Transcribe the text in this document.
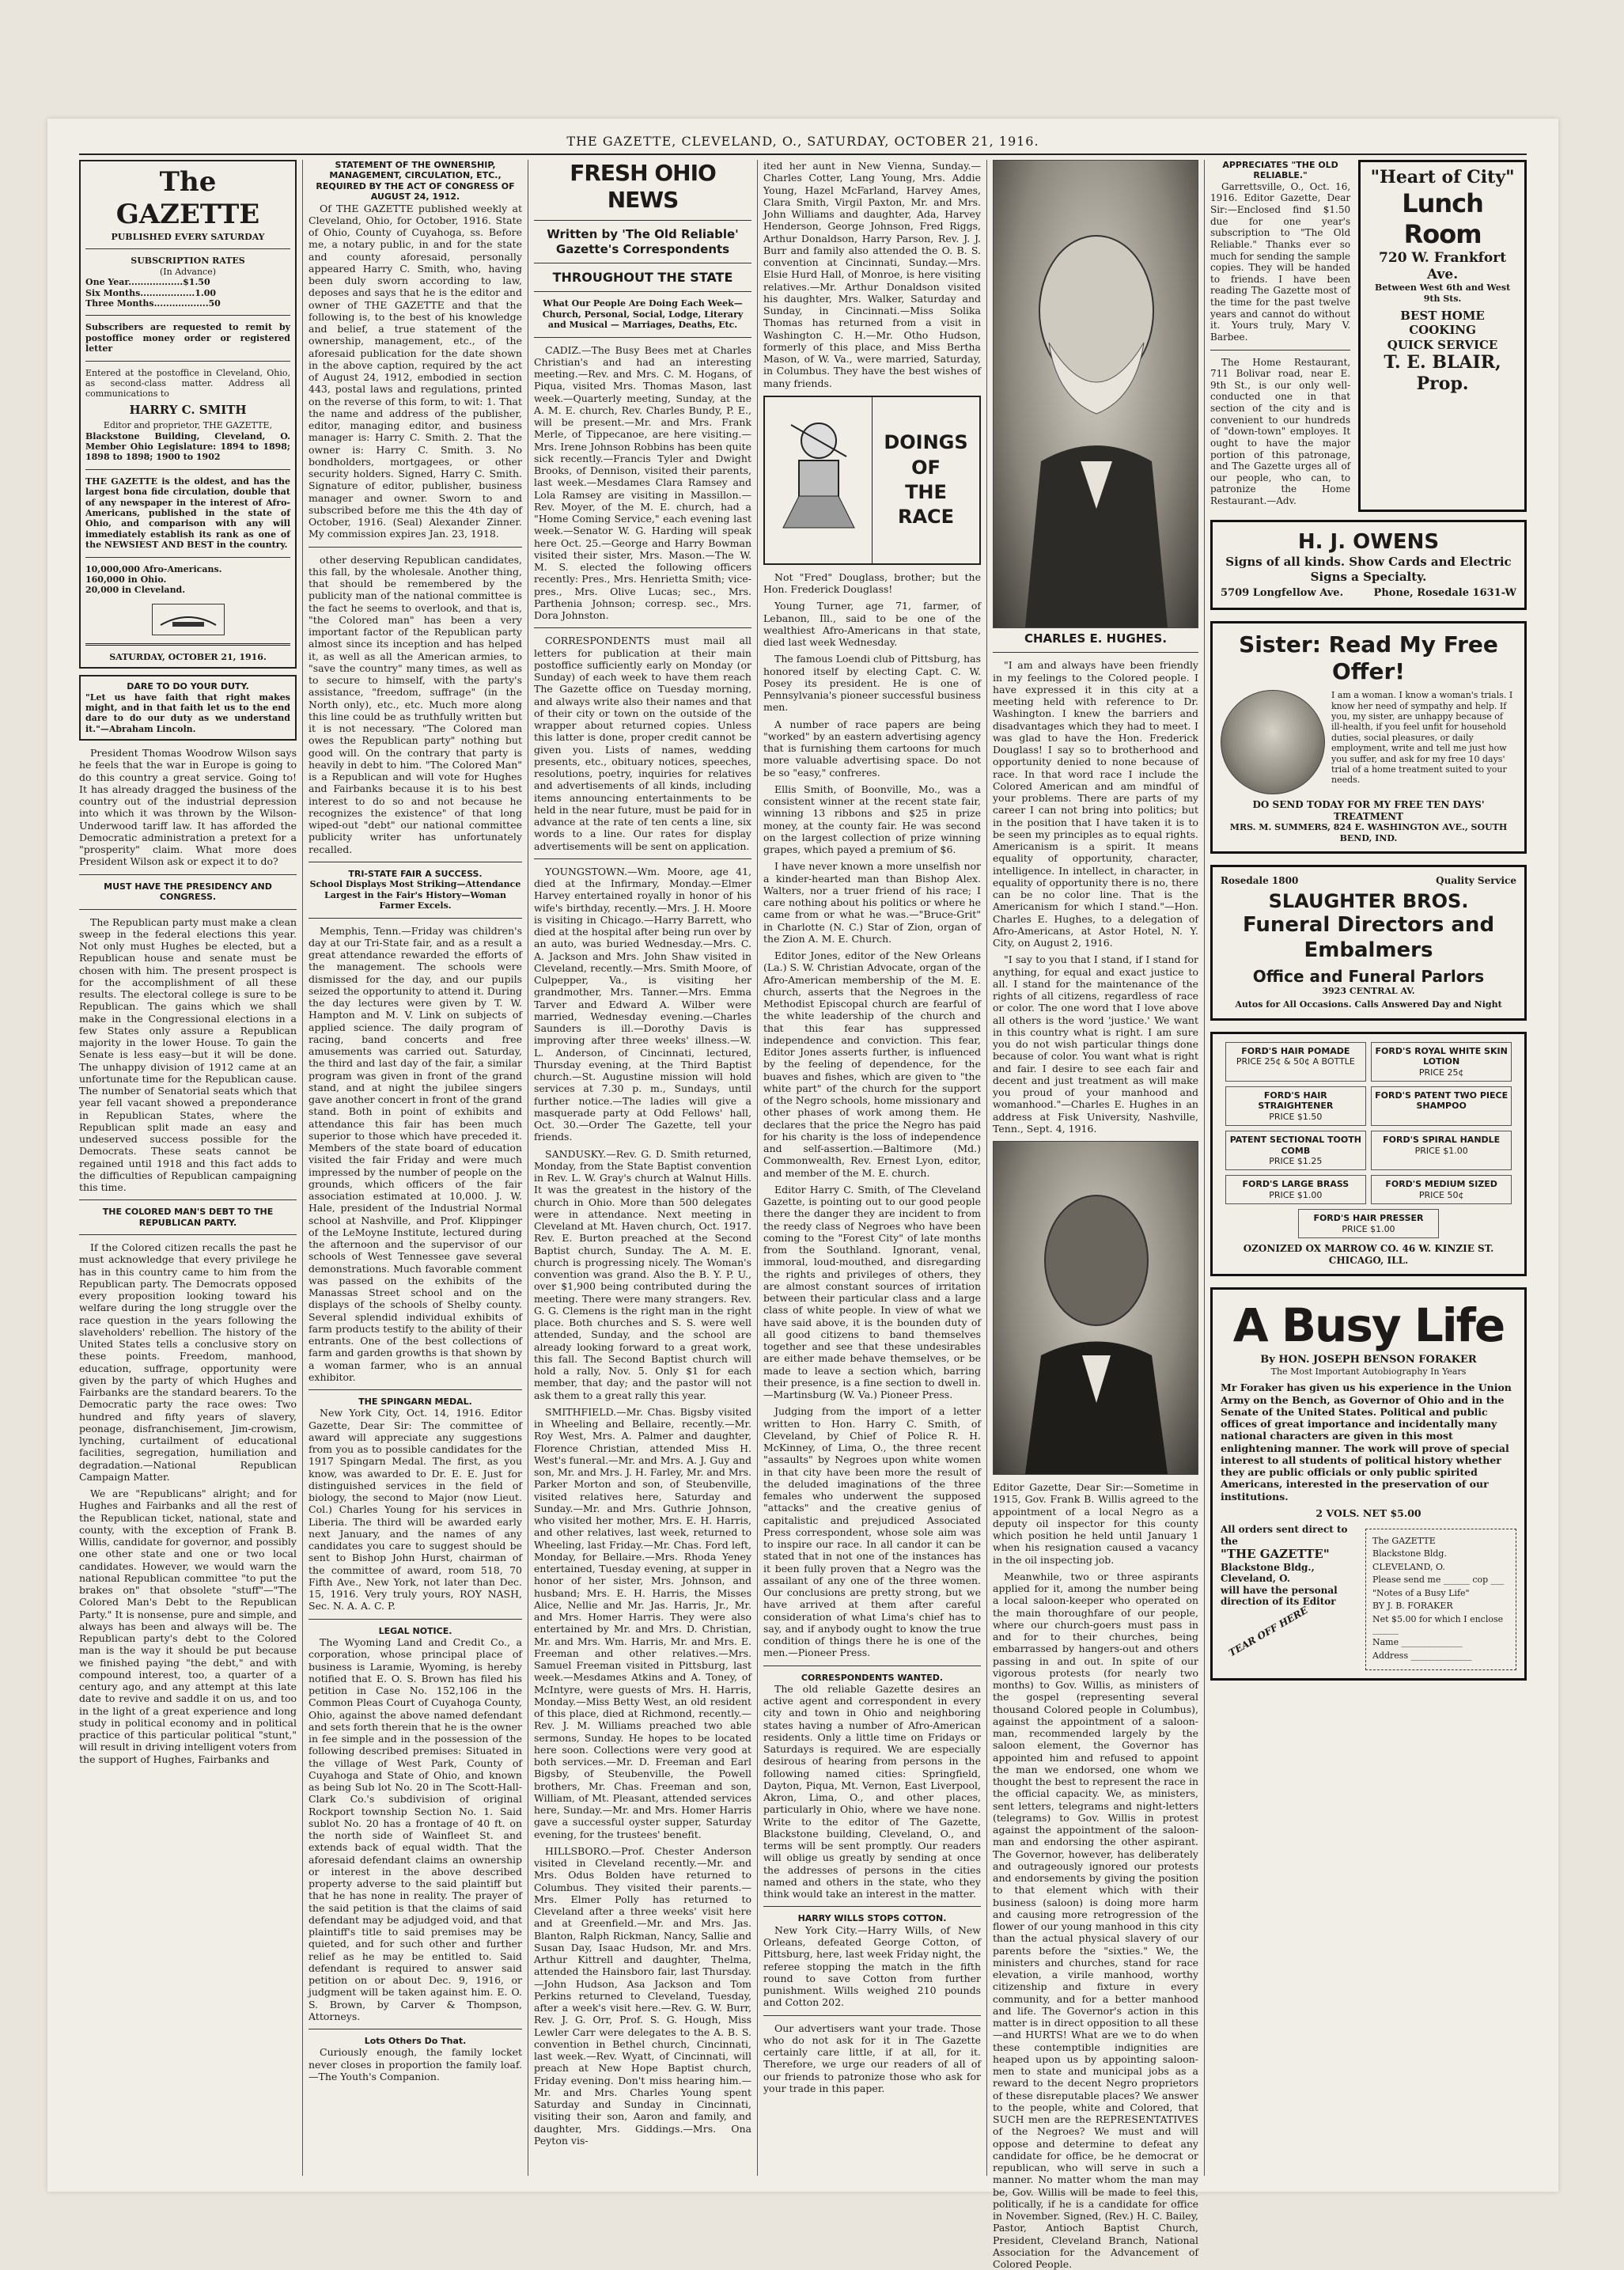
THE GAZETTE, CLEVELAND, O., SATURDAY, OCTOBER 21, 1916.
The GAZETTE
PUBLISHED EVERY SATURDAY
SUBSCRIPTION RATES
(In Advance)
One Year..................$1.50
Six Months..................1.00
Three Months..................50
Subscribers are requested to remit by postoffice money order or registered letter
Entered at the postoffice in Cleveland, Ohio, as second-class matter. Address all communications to
HARRY C. SMITH
Editor and proprietor, THE GAZETTE,
Blackstone Building, Cleveland, O. Member Ohio Legislature: 1894 to 1898; 1898 to 1898; 1900 to 1902
THE GAZETTE is the oldest, and has the largest bona fide circulation, double that of any newspaper in the interest of Afro-Americans, published in the state of Ohio, and comparison with any will immediately establish its rank as one of the NEWSIEST AND BEST in the country.
10,000,000 Afro-Americans.
160,000 in Ohio.
20,000 in Cleveland.
SATURDAY, OCTOBER 21, 1916.
DARE TO DO YOUR DUTY.
"Let us have faith that right makes might, and in that faith let us to the end dare to do our duty as we understand it."—Abraham Lincoln.

President Thomas Woodrow Wilson says he feels that the war in Europe is going to do this country a great service. Going to! It has already dragged the business of the country out of the industrial depression into which it was thrown by the Wilson-Underwood tariff law. It has afforded the Democratic administration a pretext for a "prosperity" claim. What more does President Wilson ask or expect it to do?

MUST HAVE THE PRESIDENCY AND CONGRESS.

The Republican party must make a clean sweep in the federal elections this year. Not only must Hughes be elected, but a Republican house and senate must be chosen with him. The present prospect is for the accomplishment of all these results. The electoral college is sure to be Republican. The gains which we shall make in the Congressional elections in a few States only assure a Republican majority in the lower House. To gain the Senate is less easy—but it will be done. The unhappy division of 1912 came at an unfortunate time for the Republican cause. The number of Senatorial seats which that year fell vacant showed a preponderance in Republican States, where the Republican split made an easy and undeserved success possible for the Democrats. These seats cannot be regained until 1918 and this fact adds to the difficulties of Republican campaigning this time.

THE COLORED MAN'S DEBT TO THE REPUBLICAN PARTY.

If the Colored citizen recalls the past he must acknowledge that every privilege he has in this country came to him from the Republican party. The Democrats opposed every proposition looking toward his welfare during the long struggle over the race question in the years following the slaveholders' rebellion. The history of the United States tells a conclusive story on these points. Freedom, manhood, education, suffrage, opportunity were given by the party of which Hughes and Fairbanks are the standard bearers. To the Democratic party the race owes: Two hundred and fifty years of slavery, peonage, disfranchisement, Jim-crowism, lynching, curtailment of educational facilities, segregation, humiliation and degradation.—National Republican Campaign Matter.

We are "Republicans" alright; and for Hughes and Fairbanks and all the rest of the Republican ticket, national, state and county, with the exception of Frank B. Willis, candidate for governor, and possibly one other state and one or two local candidates. However, we would warn the national Republican committee "to put the brakes on" that obsolete "stuff"—"The Colored Man's Debt to the Republican Party." It is nonsense, pure and simple, and always has been and always will be. The Republican party's debt to the Colored man is the way it should be put because we finished paying "the debt," and with compound interest, too, a quarter of a century ago, and any attempt at this late date to revive and saddle it on us, and too in the light of a great experience and long study in political economy and in political practice of this particular political "stunt," will result in driving intelligent voters from the support of Hughes, Fairbanks and

STATEMENT OF THE OWNERSHIP, MANAGEMENT, CIRCULATION, ETC., REQUIRED BY THE ACT OF CONGRESS OF AUGUST 24, 1912.

Of THE GAZETTE published weekly at Cleveland, Ohio, for October, 1916. State of Ohio, County of Cuyahoga, ss. Before me, a notary public, in and for the state and county aforesaid, personally appeared Harry C. Smith, who, having been duly sworn according to law, deposes and says that he is the editor and owner of THE GAZETTE and that the following is, to the best of his knowledge and belief, a true statement of the ownership, management, etc., of the aforesaid publication for the date shown in the above caption, required by the act of August 24, 1912, embodied in section 443, postal laws and regulations, printed on the reverse of this form, to wit: 1. That the name and address of the publisher, editor, managing editor, and business manager is: Harry C. Smith. 2. That the owner is: Harry C. Smith. 3. No bondholders, mortgagees, or other security holders. Signed, Harry C. Smith. Signature of editor, publisher, business manager and owner. Sworn to and subscribed before me this the 4th day of October, 1916. (Seal) Alexander Zinner. My commission expires Jan. 23, 1918.

other deserving Republican candidates, this fall, by the wholesale. Another thing, that should be remembered by the publicity man of the national committee is the fact he seems to overlook, and that is, "the Colored man" has been a very important factor of the Republican party almost since its inception and has helped it, as well as all the American armies, to "save the country" many times, as well as to secure to himself, with the party's assistance, "freedom, suffrage" (in the North only), etc., etc. Much more along this line could be as truthfully written but it is not necessary. "The Colored man owes the Republican party" nothing but good will. On the contrary that party is heavily in debt to him. "The Colored Man" is a Republican and will vote for Hughes and Fairbanks because it is to his best interest to do so and not because he recognizes the existence" of that long wiped-out "debt" our national committee publicity writer has unfortunately recalled.

TRI-STATE FAIR A SUCCESS.
School Displays Most Striking—Attendance Largest in the Fair's History—Woman Farmer Excels.

Memphis, Tenn.—Friday was children's day at our Tri-State fair, and as a result a great attendance rewarded the efforts of the management. The schools were dismissed for the day, and our pupils seized the opportunity to attend it. During the day lectures were given by T. W. Hampton and M. V. Link on subjects of applied science. The daily program of racing, band concerts and free amusements was carried out. Saturday, the third and last day of the fair, a similar program was given in front of the grand stand, and at night the jubilee singers gave another concert in front of the grand stand. Both in point of exhibits and attendance this fair has been much superior to those which have preceded it. Members of the state board of education visited the fair Friday and were much impressed by the number of people on the grounds, which officers of the fair association estimated at 10,000. J. W. Hale, president of the Industrial Normal school at Nashville, and Prof. Klippinger of the LeMoyne Institute, lectured during the afternoon and the supervisor of our schools of West Tennessee gave several demonstrations. Much favorable comment was passed on the exhibits of the Manassas Street school and on the displays of the schools of Shelby county. Several splendid individual exhibits of farm products testify to the ability of their entrants. One of the best collections of farm and garden growths is that shown by a woman farmer, who is an annual exhibitor.

THE SPINGARN MEDAL.

New York City, Oct. 14, 1916. Editor Gazette, Dear Sir: The committee of award will appreciate any suggestions from you as to possible candidates for the 1917 Spingarn Medal. The first, as you know, was awarded to Dr. E. E. Just for distinguished services in the field of biology, the second to Major (now Lieut. Col.) Charles Young for his services in Liberia. The third will be awarded early next January, and the names of any candidates you care to suggest should be sent to Bishop John Hurst, chairman of the committee of award, room 518, 70 Fifth Ave., New York, not later than Dec. 15, 1916. Very truly yours, ROY NASH, Sec. N. A. A. C. P.

LEGAL NOTICE.

The Wyoming Land and Credit Co., a corporation, whose principal place of business is Laramie, Wyoming, is hereby notified that E. O. S. Brown has filed his petition in Case No. 152,106 in the Common Pleas Court of Cuyahoga County, Ohio, against the above named defendant and sets forth therein that he is the owner in fee simple and in the possession of the following described premises: Situated in the village of West Park, County of Cuyahoga and State of Ohio, and known as being Sub lot No. 20 in The Scott-Hall-Clark Co.'s subdivision of original Rockport township Section No. 1. Said sublot No. 20 has a frontage of 40 ft. on the north side of Wainfleet St. and extends back of equal width. That the aforesaid defendant claims an ownership or interest in the above described property adverse to the said plaintiff but that he has none in reality. The prayer of the said petition is that the claims of said defendant may be adjudged void, and that plaintiff's title to said premises may be quieted, and for such other and further relief as he may be entitled to. Said defendant is required to answer said petition on or about Dec. 9, 1916, or judgment will be taken against him. E. O. S. Brown, by Carver & Thompson, Attorneys.

Lots Others Do That.

Curiously enough, the family locket never closes in proportion the family loaf.—The Youth's Companion.

FRESH OHIO NEWS
Written by 'The Old Reliable' Gazette's Correspondents
THROUGHOUT THE STATE
What Our People Are Doing Each Week—Church, Personal, Social, Lodge, Literary and Musical — Marriages, Deaths, Etc.

CADIZ.—The Busy Bees met at Charles Christian's and had an interesting meeting.—Rev. and Mrs. C. M. Hogans, of Piqua, visited Mrs. Thomas Mason, last week.—Quarterly meeting, Sunday, at the A. M. E. church, Rev. Charles Bundy, P. E., will be present.—Mr. and Mrs. Frank Merle, of Tippecanoe, are here visiting.—Mrs. Irene Johnson Robbins has been quite sick recently.—Francis Tyler and Dwight Brooks, of Dennison, visited their parents, last week.—Mesdames Clara Ramsey and Lola Ramsey are visiting in Massillon.—Rev. Moyer, of the M. E. church, had a "Home Coming Service," each evening last week.—Senator W. G. Harding will speak here Oct. 25.—George and Harry Bowman visited their sister, Mrs. Mason.—The W. M. S. elected the following officers recently: Pres., Mrs. Henrietta Smith; vice-pres., Mrs. Olive Lucas; sec., Mrs. Parthenia Johnson; corresp. sec., Mrs. Dora Johnston.

CORRESPONDENTS must mail all letters for publication at their main postoffice sufficiently early on Monday (or Sunday) of each week to have them reach The Gazette office on Tuesday morning, and always write also their names and that of their city or town on the outside of the wrapper about returned copies. Unless this latter is done, proper credit cannot be given you. Lists of names, wedding presents, etc., obituary notices, speeches, resolutions, poetry, inquiries for relatives and advertisements of all kinds, including items announcing entertainments to be held in the near future, must be paid for in advance at the rate of ten cents a line, six words to a line. Our rates for display advertisements will be sent on application.

YOUNGSTOWN.—Wm. Moore, age 41, died at the Infirmary, Monday.—Elmer Harvey entertained royally in honor of his wife's birthday, recently.—Mrs. J. H. Moore is visiting in Chicago.—Harry Barrett, who died at the hospital after being run over by an auto, was buried Wednesday.—Mrs. C. A. Jackson and Mrs. John Shaw visited in Cleveland, recently.—Mrs. Smith Moore, of Culpepper, Va., is visiting her grandmother, Mrs. Tanner.—Mrs. Emma Tarver and Edward A. Wilber were married, Wednesday evening.—Charles Saunders is ill.—Dorothy Davis is improving after three weeks' illness.—W. L. Anderson, of Cincinnati, lectured, Thursday evening, at the Third Baptist church.—St. Augustine mission will hold services at 7.30 p. m., Sundays, until further notice.—The ladies will give a masquerade party at Odd Fellows' hall, Oct. 30.—Order The Gazette, tell your friends.

SANDUSKY.—Rev. G. D. Smith returned, Monday, from the State Baptist convention in Rev. L. W. Gray's church at Walnut Hills. It was the greatest in the history of the church in Ohio. More than 500 delegates were in attendance. Next meeting in Cleveland at Mt. Haven church, Oct. 1917. Rev. E. Burton preached at the Second Baptist church, Sunday. The A. M. E. church is progressing nicely. The Woman's convention was grand. Also the B. Y. P. U., over $1,900 being contributed during the meeting. There were many strangers. Rev. G. G. Clemens is the right man in the right place. Both churches and S. S. were well attended, Sunday, and the school are already looking forward to a great work, this fall. The Second Baptist church will hold a rally, Nov. 5. Only $1 for each member, that day; and the pastor will not ask them to a great rally this year.

SMITHFIELD.—Mr. Chas. Bigsby visited in Wheeling and Bellaire, recently.—Mr. Roy West, Mrs. A. Palmer and daughter, Florence Christian, attended Miss H. West's funeral.—Mr. and Mrs. A. J. Guy and son, Mr. and Mrs. J. H. Farley, Mr. and Mrs. Parker Morton and son, of Steubenville, visited relatives here, Saturday and Sunday.—Mr. and Mrs. Guthrie Johnson, who visited her mother, Mrs. E. H. Harris, and other relatives, last week, returned to Wheeling, last Friday.—Mr. Chas. Ford left, Monday, for Bellaire.—Mrs. Rhoda Yeney entertained, Tuesday evening, at supper in honor of her sister, Mrs. Johnson, and husband; Mrs. E. H. Harris, the Misses Alice, Nellie and Mr. Jas. Harris, Jr., Mr. and Mrs. Homer Harris. They were also entertained by Mr. and Mrs. D. Christian, Mr. and Mrs. Wm. Harris, Mr. and Mrs. E. Freeman and other relatives.—Mrs. Samuel Freeman visited in Pittsburg, last week.—Mesdames Atkins and A. Toney, of McIntyre, were guests of Mrs. H. Harris, Monday.—Miss Betty West, an old resident of this place, died at Richmond, recently.—Rev. J. M. Williams preached two able sermons, Sunday. He hopes to be located here soon. Collections were very good at both services.—Mr. D. Freeman and Earl Bigsby, of Steubenville, the Powell brothers, Mr. Chas. Freeman and son, William, of Mt. Pleasant, attended services here, Sunday.—Mr. and Mrs. Homer Harris gave a successful oyster supper, Saturday evening, for the trustees' benefit.

HILLSBORO.—Prof. Chester Anderson visited in Cleveland recently.—Mr. and Mrs. Odus Bolden have returned to Columbus. They visited their parents.—Mrs. Elmer Polly has returned to Cleveland after a three weeks' visit here and at Greenfield.—Mr. and Mrs. Jas. Blanton, Ralph Rickman, Nancy, Sallie and Susan Day, Isaac Hudson, Mr. and Mrs. Arthur Kittrell and daughter, Thelma, attended the Hainsboro fair, last Thursday.—John Hudson, Asa Jackson and Tom Perkins returned to Cleveland, Tuesday, after a week's visit here.—Rev. G. W. Burr, Rev. J. G. Orr, Prof. S. G. Hough, Miss Lewler Carr were delegates to the A. B. S. convention in Bethel church, Cincinnati, last week.—Rev. Wyatt, of Cincinnati, will preach at New Hope Baptist church, Friday evening. Don't miss hearing him.—Mr. and Mrs. Charles Young spent Saturday and Sunday in Cincinnati, visiting their son, Aaron and family, and daughter, Mrs. Giddings.—Mrs. Ona Peyton vis-

ited her aunt in New Vienna, Sunday.—Charles Cotter, Lang Young, Mrs. Addie Young, Hazel McFarland, Harvey Ames, Clara Smith, Virgil Paxton, Mr. and Mrs. John Williams and daughter, Ada, Harvey Henderson, George Johnson, Fred Riggs, Arthur Donaldson, Harry Parson, Rev. J. J. Burr and family also attended the O. B. S. convention at Cincinnati, Sunday.—Mrs. Elsie Hurd Hall, of Monroe, is here visiting relatives.—Mr. Arthur Donaldson visited his daughter, Mrs. Walker, Saturday and Sunday, in Cincinnati.—Miss Solika Thomas has returned from a visit in Washington C. H.—Mr. Otho Hudson, formerly of this place, and Miss Bertha Mason, of W. Va., were married, Saturday, in Columbus. They have the best wishes of many friends.

DOINGS
OF
THE
RACE

Not "Fred" Douglass, brother; but the Hon. Frederick Douglass!

Young Turner, age 71, farmer, of Lebanon, Ill., said to be one of the wealthiest Afro-Americans in that state, died last week Wednesday.

The famous Loendi club of Pittsburg, has honored itself by electing Capt. C. W. Posey its president. He is one of Pennsylvania's pioneer successful business men.

A number of race papers are being "worked" by an eastern advertising agency that is furnishing them cartoons for much more valuable advertising space. Do not be so "easy," confreres.

Ellis Smith, of Boonville, Mo., was a consistent winner at the recent state fair, winning 13 ribbons and $25 in prize money, at the county fair. He was second on the largest collection of prize winning grapes, which payed a premium of $6.

I have never known a more unselfish nor a kinder-hearted man than Bishop Alex. Walters, nor a truer friend of his race; I care nothing about his politics or where he came from or what he was.—"Bruce-Grit" in Charlotte (N. C.) Star of Zion, organ of the Zion A. M. E. Church.

Editor Jones, editor of the New Orleans (La.) S. W. Christian Advocate, organ of the Afro-American membership of the M. E. church, asserts that the Negroes in the Methodist Episcopal church are fearful of the white leadership of the church and that this fear has suppressed independence and conviction. This fear, Editor Jones asserts further, is influenced by the feeling of dependence, for the buaves and fishes, which are given to "the white part" of the church for the support of the Negro schools, home missionary and other phases of work among them. He declares that the price the Negro has paid for his charity is the loss of independence and self-assertion.—Baltimore (Md.) Commonwealth, Rev. Ernest Lyon, editor, and member of the M. E. church.

Editor Harry C. Smith, of The Cleveland Gazette, is pointing out to our good people there the danger they are incident to from the reedy class of Negroes who have been coming to the "Forest City" of late months from the Southland. Ignorant, venal, immoral, loud-mouthed, and disregarding the rights and privileges of others, they are almost constant sources of irritation between their particular class and a large class of white people. In view of what we have said above, it is the bounden duty of all good citizens to band themselves together and see that these undesirables are either made behave themselves, or be made to leave a section which, barring their presence, is a fine section to dwell in.—Martinsburg (W. Va.) Pioneer Press.

Judging from the import of a letter written to Hon. Harry C. Smith, of Cleveland, by Chief of Police R. H. McKinney, of Lima, O., the three recent "assaults" by Negroes upon white women in that city have been more the result of the deluded imaginations of the three females who underwent the supposed "attacks" and the creative genius of capitalistic and prejudiced Associated Press correspondent, whose sole aim was to inspire our race. In all candor it can be stated that in not one of the instances has it been fully proven that a Negro was the assailant of any one of the three women. Our conclusions are pretty strong, but we have arrived at them after careful consideration of what Lima's chief has to say, and if anybody ought to know the true condition of things there he is one of the men.—Pioneer Press.

CORRESPONDENTS WANTED.

The old reliable Gazette desires an active agent and correspondent in every city and town in Ohio and neighboring states having a number of Afro-American residents. Only a little time on Fridays or Saturdays is required. We are especially desirous of hearing from persons in the following named cities: Springfield, Dayton, Piqua, Mt. Vernon, East Liverpool, Akron, Lima, O., and other places, particularly in Ohio, where we have none. Write to the editor of The Gazette, Blackstone building, Cleveland, O., and terms will be sent promptly. Our readers will oblige us greatly by sending at once the addresses of persons in the cities named and others in the state, who they think would take an interest in the matter.

HARRY WILLS STOPS COTTON.

New York City.—Harry Wills, of New Orleans, defeated George Cotton, of Pittsburg, here, last week Friday night, the referee stopping the match in the fifth round to save Cotton from further punishment. Wills weighed 210 pounds and Cotton 202.

Our advertisers want your trade. Those who do not ask for it in The Gazette certainly care little, if at all, for it. Therefore, we urge our readers of all of our friends to patronize those who ask for your trade in this paper.

CHARLES E. HUGHES.

"I am and always have been friendly in my feelings to the Colored people. I have expressed it in this city at a meeting held with reference to Dr. Washington. I knew the barriers and disadvantages which they had to meet. I was glad to have the Hon. Frederick Douglass! I say so to brotherhood and opportunity denied to none because of race. In that word race I include the Colored American and am mindful of your problems. There are parts of my career I can not bring into politics; but in the position that I have taken it is to be seen my principles as to equal rights. Americanism is a spirit. It means equality of opportunity, character, intelligence. In intellect, in character, in equality of opportunity there is no, there can be no color line. That is the Americanism for which I stand."—Hon. Charles E. Hughes, to a delegation of Afro-Americans, at Astor Hotel, N. Y. City, on August 2, 1916.

"I say to you that I stand, if I stand for anything, for equal and exact justice to all. I stand for the maintenance of the rights of all citizens, regardless of race or color. The one word that I love above all others is the word 'justice.' We want in this country what is right. I am sure you do not wish particular things done because of color. You want what is right and fair. I desire to see each fair and decent and just treatment as will make you proud of your manhood and womanhood."—Charles E. Hughes in an address at Fisk University, Nashville, Tenn., Sept. 4, 1916.

Editor Gazette, Dear Sir:—Sometime in 1915, Gov. Frank B. Willis agreed to the appointment of a local Negro as a deputy oil inspector for this county which position he held until January 1 when his resignation caused a vacancy in the oil inspecting job.

Meanwhile, two or three aspirants applied for it, among the number being a local saloon-keeper who operated on the main thoroughfare of our people, where our church-goers must pass in and for to their churches, being embarrassed by hangers-out and others passing in and out. In spite of our vigorous protests (for nearly two months) to Gov. Willis, as ministers of the gospel (representing several thousand Colored people in Columbus), against the appointment of a saloon-man, recommended largely by the saloon element, the Governor has appointed him and refused to appoint the man we endorsed, one whom we thought the best to represent the race in the official capacity. We, as ministers, sent letters, telegrams and night-letters (telegrams) to Gov. Willis in protest against the appointment of the saloon-man and endorsing the other aspirant. The Governor, however, has deliberately and outrageously ignored our protests and endorsements by giving the position to that element which with their business (saloon) is doing more harm and causing more retrogression of the flower of our young manhood in this city than the actual physical slavery of our parents before the "sixties." We, the ministers and churches, stand for race elevation, a virile manhood, worthy citizenship and fixture in every community, and for a better manhood and life. The Governor's action in this matter is in direct opposition to all these—and HURTS! What are we to do when these contemptible indignities are heaped upon us by appointing saloon-men to state and municipal jobs as a reward to the decent Negro proprietors of these disreputable places? We answer to the people, white and Colored, that SUCH men are the REPRESENTATIVES of the Negroes? We must and will oppose and determine to defeat any candidate for office, be he democrat or republican, who will serve in such a manner. No matter whom the man may be, Gov. Willis will be made to feel this, politically, if he is a candidate for office in November. Signed, (Rev.) H. C. Bailey, Pastor, Antioch Baptist Church, President, Cleveland Branch, National Association for the Advancement of Colored People.

APPRECIATES "THE OLD RELIABLE."

Garrettsville, O., Oct. 16, 1916. Editor Gazette, Dear Sir:—Enclosed find $1.50 due for one year's subscription to "The Old Reliable." Thanks ever so much for sending the sample copies. They will be handed to friends. I have been reading The Gazette most of the time for the past twelve years and cannot do without it. Yours truly, Mary V. Barbee.

The Home Restaurant, 711 Bolivar road, near E. 9th St., is our only well-conducted one in that section of the city and is convenient to our hundreds of "down-town" employes. It ought to have the major portion of this patronage, and The Gazette urges all of our people, who can, to patronize the Home Restaurant.—Adv.

"Heart of City"
Lunch Room
720 W. Frankfort Ave.
Between West 6th and West 9th Sts.
BEST HOME COOKING
QUICK SERVICE
T. E. BLAIR, Prop.
H. J. OWENS
Signs of all kinds. Show Cards and Electric Signs a Specialty.
5709 Longfellow Ave.	Phone, Rosedale 1631-W
Sister: Read My Free Offer!
I am a woman. I know a woman's trials. I know her need of sympathy and help. If you, my sister, are unhappy because of ill-health, if you feel unfit for household duties, social pleasures, or daily employment, write and tell me just how you suffer, and ask for my free 10 days' trial of a home treatment suited to your needs.
DO SEND TODAY FOR MY FREE TEN DAYS' TREATMENT
MRS. M. SUMMERS, 824 E. WASHINGTON AVE., SOUTH BEND, IND.
Rosedale 1800	Quality Service
SLAUGHTER BROS.
Funeral Directors and Embalmers
Office and Funeral Parlors
3923 CENTRAL AV.
Autos for All Occasions. Calls Answered Day and Night
FORD'S HAIR POMADE
PRICE 25¢ & 50¢ A BOTTLE
FORD'S ROYAL WHITE SKIN LOTION
PRICE 25¢
FORD'S HAIR STRAIGHTENER
PRICE $1.50
FORD'S PATENT TWO PIECE SHAMPOO
PATENT SECTIONAL TOOTH COMB
PRICE $1.25
FORD'S SPIRAL HANDLE
PRICE $1.00
FORD'S LARGE BRASS
PRICE $1.00
FORD'S MEDIUM SIZED
PRICE 50¢
FORD'S HAIR PRESSER
PRICE $1.00
OZONIZED OX MARROW CO. 46 W. KINZIE ST. CHICAGO, ILL.
A Busy Life
By HON. JOSEPH BENSON FORAKER
The Most Important Autobiography In Years
Mr Foraker has given us his experience in the Union Army on the Bench, as Governor of Ohio and in the Senate of the United States. Political and public offices of great importance and incidentally many national characters are given in this most enlightening manner. The work will prove of special interest to all students of political history whether they are public officials or only public spirited Americans, interested in the preservation of our institutions.
2 VOLS. NET $5.00
All orders sent direct to the
"THE GAZETTE"
Blackstone Bldg., Cleveland, O.
will have the personal direction of its Editor
TEAR OFF HERE
The GAZETTE
Blackstone Bldg.
CLEVELAND, O.
Please send me ______ cop ___
"Notes of a Busy Life"
BY J. B. FORAKER
Net $5.00 for which I enclose ______
Name ______________
Address ______________
